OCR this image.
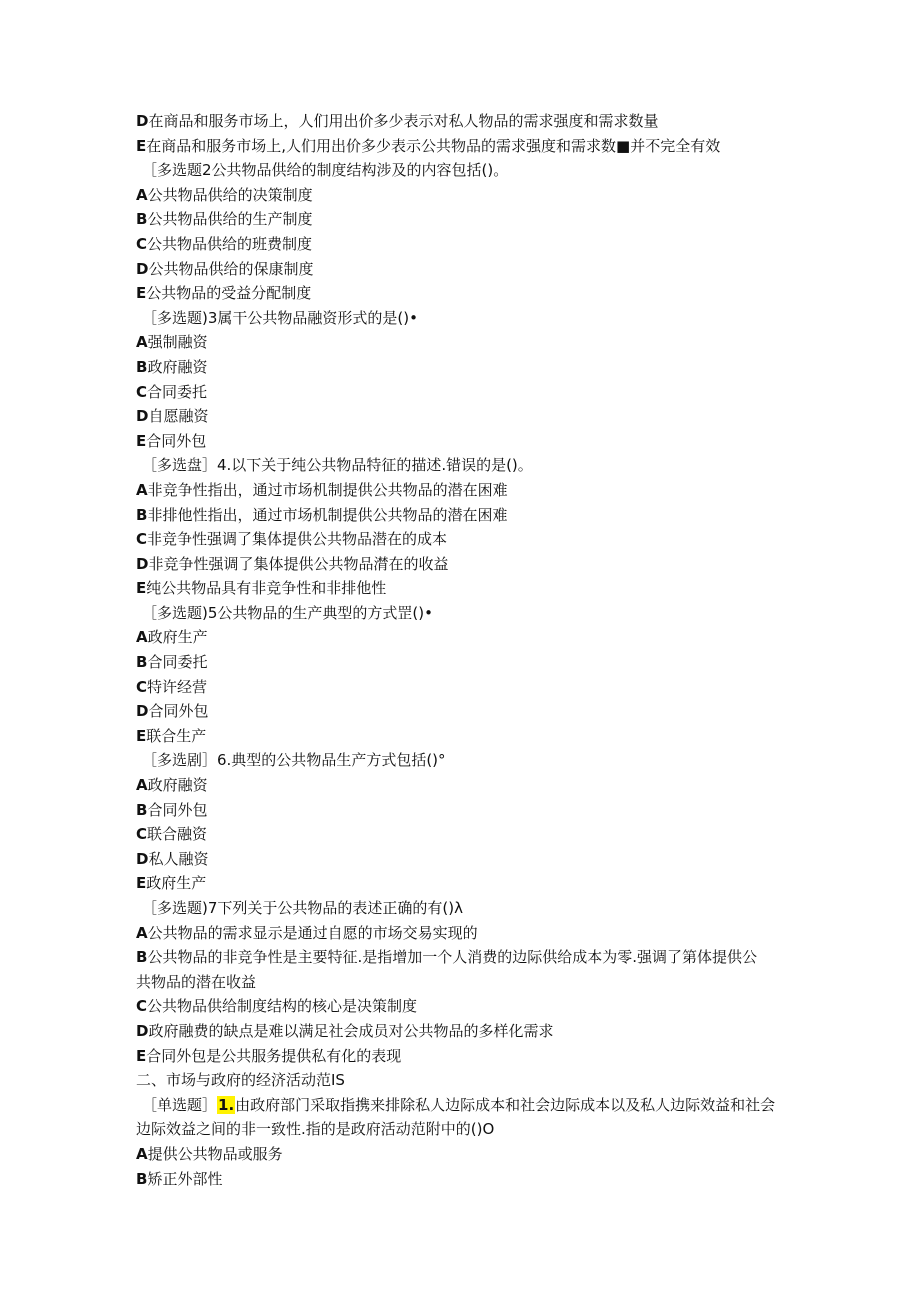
D在商品和服务市场上，人们用出价多少表示对私人物品的需求强度和需求数量
E在商品和服务市场上,人们用出价多少表示公共物品的需求强度和需求数■并不完全有效
［多选题2公共物品供给的制度结构涉及的内容包括()。
A公共物品供给的决策制度
B公共物品供给的生产制度
C公共物品供给的班费制度
D公共物品供给的保康制度
E公共物品的受益分配制度
［多选题)3属干公共物品融资形式的是()•
A强制融资
B政府融资
C合同委托
D自愿融资
E合同外包
［多选盘］4.以下关于纯公共物品特征的描述.错误的是()。
A非竞争性指出，通过市场机制提供公共物品的潜在困难
B非排他性指出，通过市场机制提供公共物品的潜在困难
C非竞争性强调了集体提供公共物品潜在的成本
D非竞争性强调了集体提供公共物品潸在的收益
E纯公共物品具有非竞争性和非排他性
［多选题)5公共物品的生产典型的方式罡()•
A政府生产
B合同委托
C特许经营
D合同外包
E联合生产
［多选剧］6.典型的公共物品生产方式包括()°
A政府融资
B合同外包
C联合融资
D私人融资
E政府生产
［多选题)7下列关于公共物品的表述正确的有()λ
A公共物品的需求显示是通过自愿的市场交易实现的
B公共物品的非竞争性是主要特征.是指增加一个人消费的边际供给成本为零.强调了第体提供公
共物品的潜在收益
C公共物品供给制度结构的核心是决策制度
D政府融费的缺点是难以满足社会成员对公共物品的多样化需求
E合同外包是公共服务提供私有化的表现
二、市场与政府的经济活动范IS
［单选题］1.由政府部门采取指携来排除私人边际成本和社会边际成本以及私人边际效益和社会
边际效益之间的非一致性.指的是政府活动范附中的()O
A提供公共物品或服务
B矫正外部性
